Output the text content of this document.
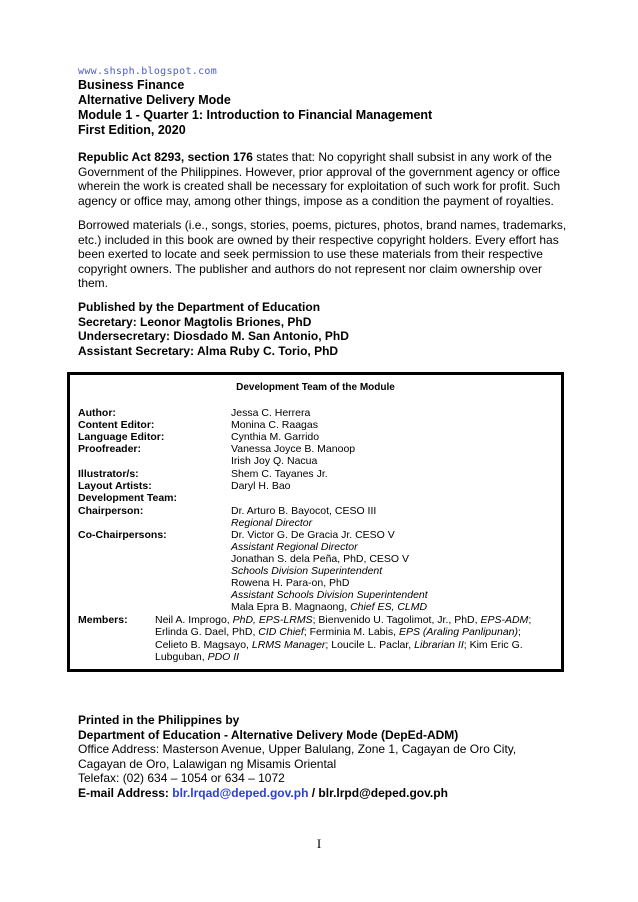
www.shsph.blogspot.com
Business Finance
Alternative Delivery Mode
Module 1 - Quarter 1: Introduction to Financial Management
First Edition, 2020
Republic Act 8293, section 176 states that: No copyright shall subsist in any work of the Government of the Philippines. However, prior approval of the government agency or office wherein the work is created shall be necessary for exploitation of such work for profit. Such agency or office may, among other things, impose as a condition the payment of royalties.
Borrowed materials (i.e., songs, stories, poems, pictures, photos, brand names, trademarks, etc.) included in this book are owned by their respective copyright holders. Every effort has been exerted to locate and seek permission to use these materials from their respective copyright owners. The publisher and authors do not represent nor claim ownership over them.
Published by the Department of Education
Secretary: Leonor Magtolis Briones, PhD
Undersecretary: Diosdado M. San Antonio, PhD
Assistant Secretary: Alma Ruby C. Torio, PhD
Development Team of the Module
Author:	Jessa C. Herrera
Content Editor:	Monina C. Raagas
Language Editor:	Cynthia M. Garrido
Proofreader:	Vanessa Joyce B. Manoop
Irish Joy Q. Nacua
Illustrator/s:	Shem C. Tayanes Jr.
Layout Artists:	Daryl H. Bao
Development Team:
Chairperson:	Dr. Arturo B. Bayocot, CESO III
Regional Director
Co-Chairpersons:	Dr. Victor G. De Gracia Jr. CESO V
Assistant Regional Director
Jonathan S. dela Peña, PhD, CESO V
Schools Division Superintendent
Rowena H. Para-on, PhD
Assistant Schools Division Superintendent
Mala Epra B. Magnaong, Chief ES, CLMD
Members:	Neil A. Improgo, PhD, EPS-LRMS; Bienvenido U. Tagolimot, Jr., PhD, EPS-ADM; Erlinda G. Dael, PhD, CID Chief; Ferminia M. Labis, EPS (Araling Panlipunan); Celieto B. Magsayo, LRMS Manager; Loucile L. Paclar, Librarian II; Kim Eric G. Lubguban, PDO II
Printed in the Philippines by
Department of Education - Alternative Delivery Mode (DepEd-ADM)
Office Address: Masterson Avenue, Upper Balulang, Zone 1, Cagayan de Oro City,
Cagayan de Oro, Lalawigan ng Misamis Oriental
Telefax: (02) 634 – 1054 or 634 – 1072
E-mail Address: blr.lrqad@deped.gov.ph / blr.lrpd@deped.gov.ph
I
